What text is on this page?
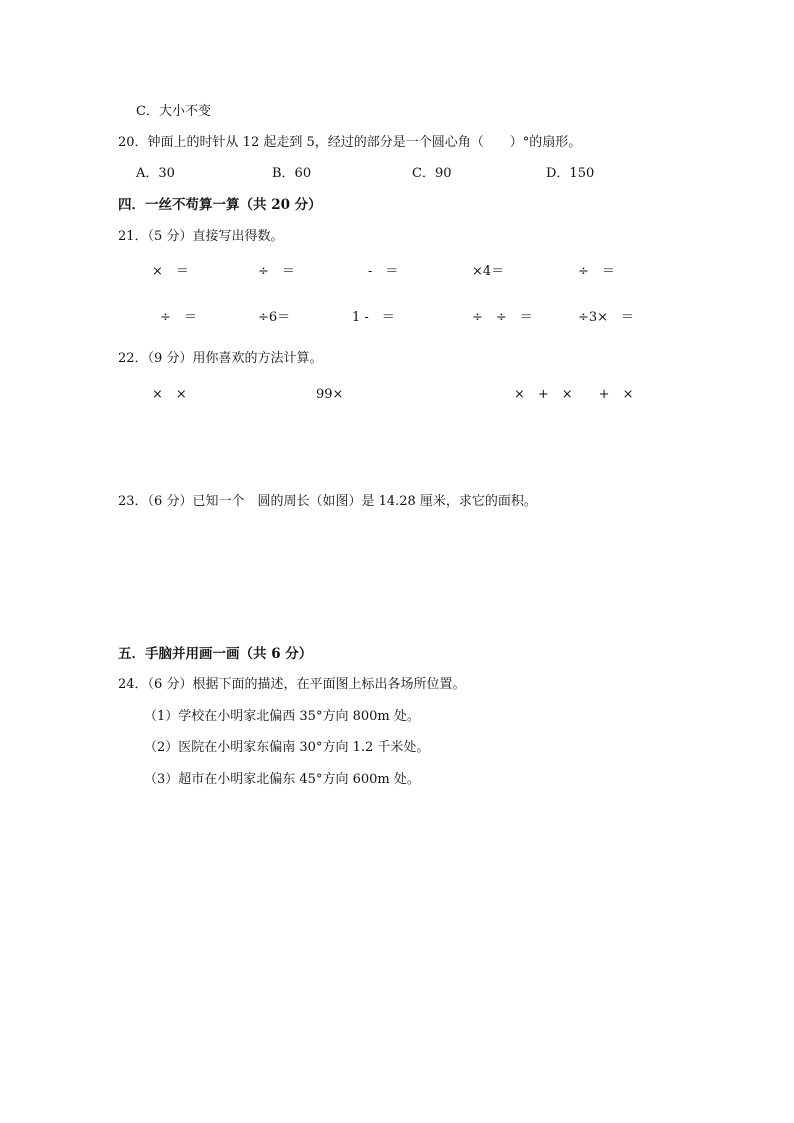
C．大小不变
20．钟面上的时针从 12 起走到 5，经过的部分是一个圆心角（　　）°的扇形。
A．30	B．60	C．90	D．150
四．一丝不苟算一算（共 20 分）
21．（5 分）直接写出得数。
×　＝	÷　＝	-　＝	×4＝	÷　＝
÷　＝	÷6＝	1 -　＝	÷　÷　＝	÷3×　＝
22．（9 分）用你喜欢的方法计算。
×　×	99×	×　+　×　　+　×
23．（6 分）已知一个　圆的周长（如图）是 14.28 厘米，求它的面积。
五．手脑并用画一画（共 6 分）
24．（6 分）根据下面的描述，在平面图上标出各场所位置。
（1）学校在小明家北偏西 35°方向 800m 处。
（2）医院在小明家东偏南 30°方向 1.2 千米处。
（3）超市在小明家北偏东 45°方向 600m 处。
